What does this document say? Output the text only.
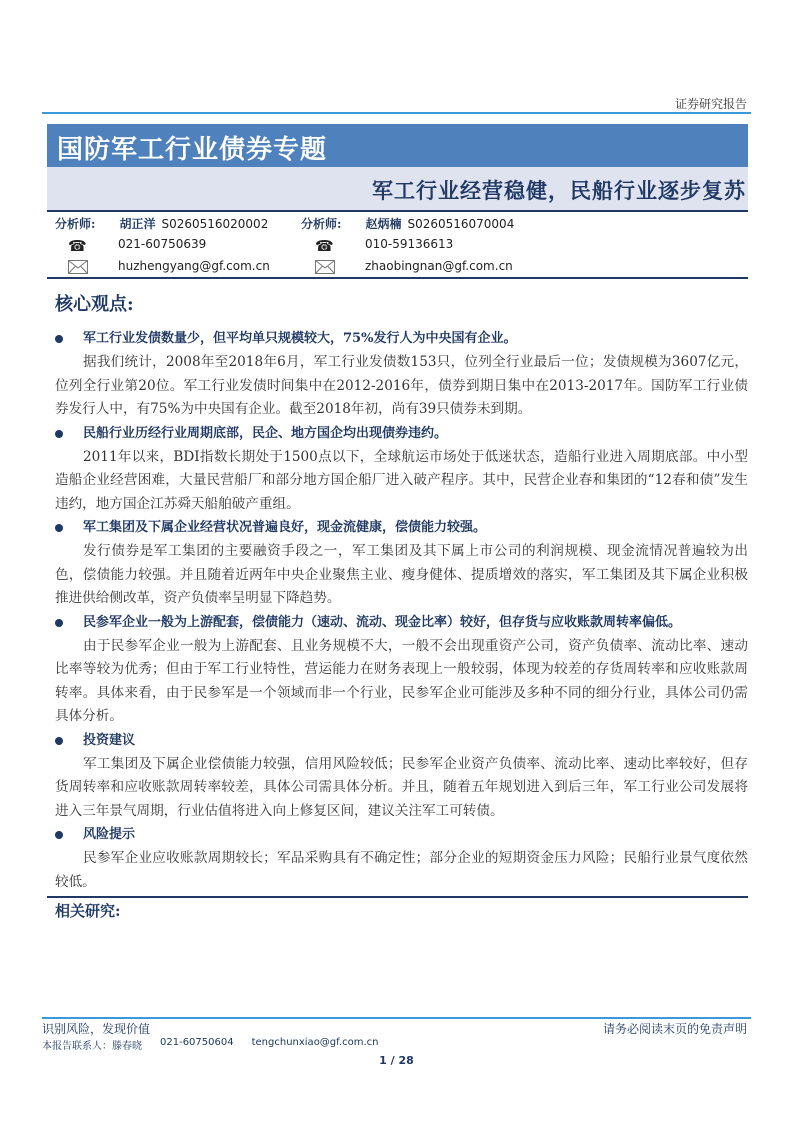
证券研究报告
国防军工行业债券专题
军工行业经营稳健，民船行业逐步复苏
分析师: 胡正洋 S0260516020002
☎	021-60750639
huzhengyang@gf.com.cn
分析师: 赵炳楠 S0260516070004
☎	010-59136613
zhaobingnan@gf.com.cn
核心观点:
军工行业发债数量少，但平均单只规模较大，75%发行人为中央国有企业。
据我们统计，2008年至2018年6月，军工行业发债数153只，位列全行业最后一位；发债规模为3607亿元，位列全行业第20位。军工行业发债时间集中在2012-2016年，债券到期日集中在2013-2017年。国防军工行业债券发行人中，有75%为中央国有企业。截至2018年初，尚有39只债券未到期。
民船行业历经行业周期底部，民企、地方国企均出现债券违约。
2011年以来，BDI指数长期处于1500点以下，全球航运市场处于低迷状态，造船行业进入周期底部。中小型造船企业经营困难，大量民营船厂和部分地方国企船厂进入破产程序。其中，民营企业春和集团的“12春和债”发生违约，地方国企江苏舜天船舶破产重组。
军工集团及下属企业经营状况普遍良好，现金流健康，偿债能力较强。
发行债券是军工集团的主要融资手段之一，军工集团及其下属上市公司的利润规模、现金流情况普遍较为出色，偿债能力较强。并且随着近两年中央企业聚焦主业、瘦身健体、提质增效的落实，军工集团及其下属企业积极推进供给侧改革，资产负债率呈明显下降趋势。
民参军企业一般为上游配套，偿债能力（速动、流动、现金比率）较好，但存货与应收账款周转率偏低。
由于民参军企业一般为上游配套、且业务规模不大，一般不会出现重资产公司，资产负债率、流动比率、速动比率等较为优秀；但由于军工行业特性，营运能力在财务表现上一般较弱，体现为较差的存货周转率和应收账款周转率。具体来看，由于民参军是一个领域而非一个行业，民参军企业可能涉及多种不同的细分行业，具体公司仍需具体分析。
投资建议
军工集团及下属企业偿债能力较强，信用风险较低；民参军企业资产负债率、流动比率、速动比率较好，但存货周转率和应收账款周转率较差，具体公司需具体分析。并且，随着五年规划进入到后三年，军工行业公司发展将进入三年景气周期，行业估值将进入向上修复区间，建议关注军工可转债。
风险提示
民参军企业应收账款周期较长；军品采购具有不确定性；部分企业的短期资金压力风险；民船行业景气度依然较低。
相关研究:
识别风险，发现价值	请务必阅读末页的免责声明
本报告联系人：滕春晓 021-60750604 tengchunxiao@gf.com.cn
1 / 28
